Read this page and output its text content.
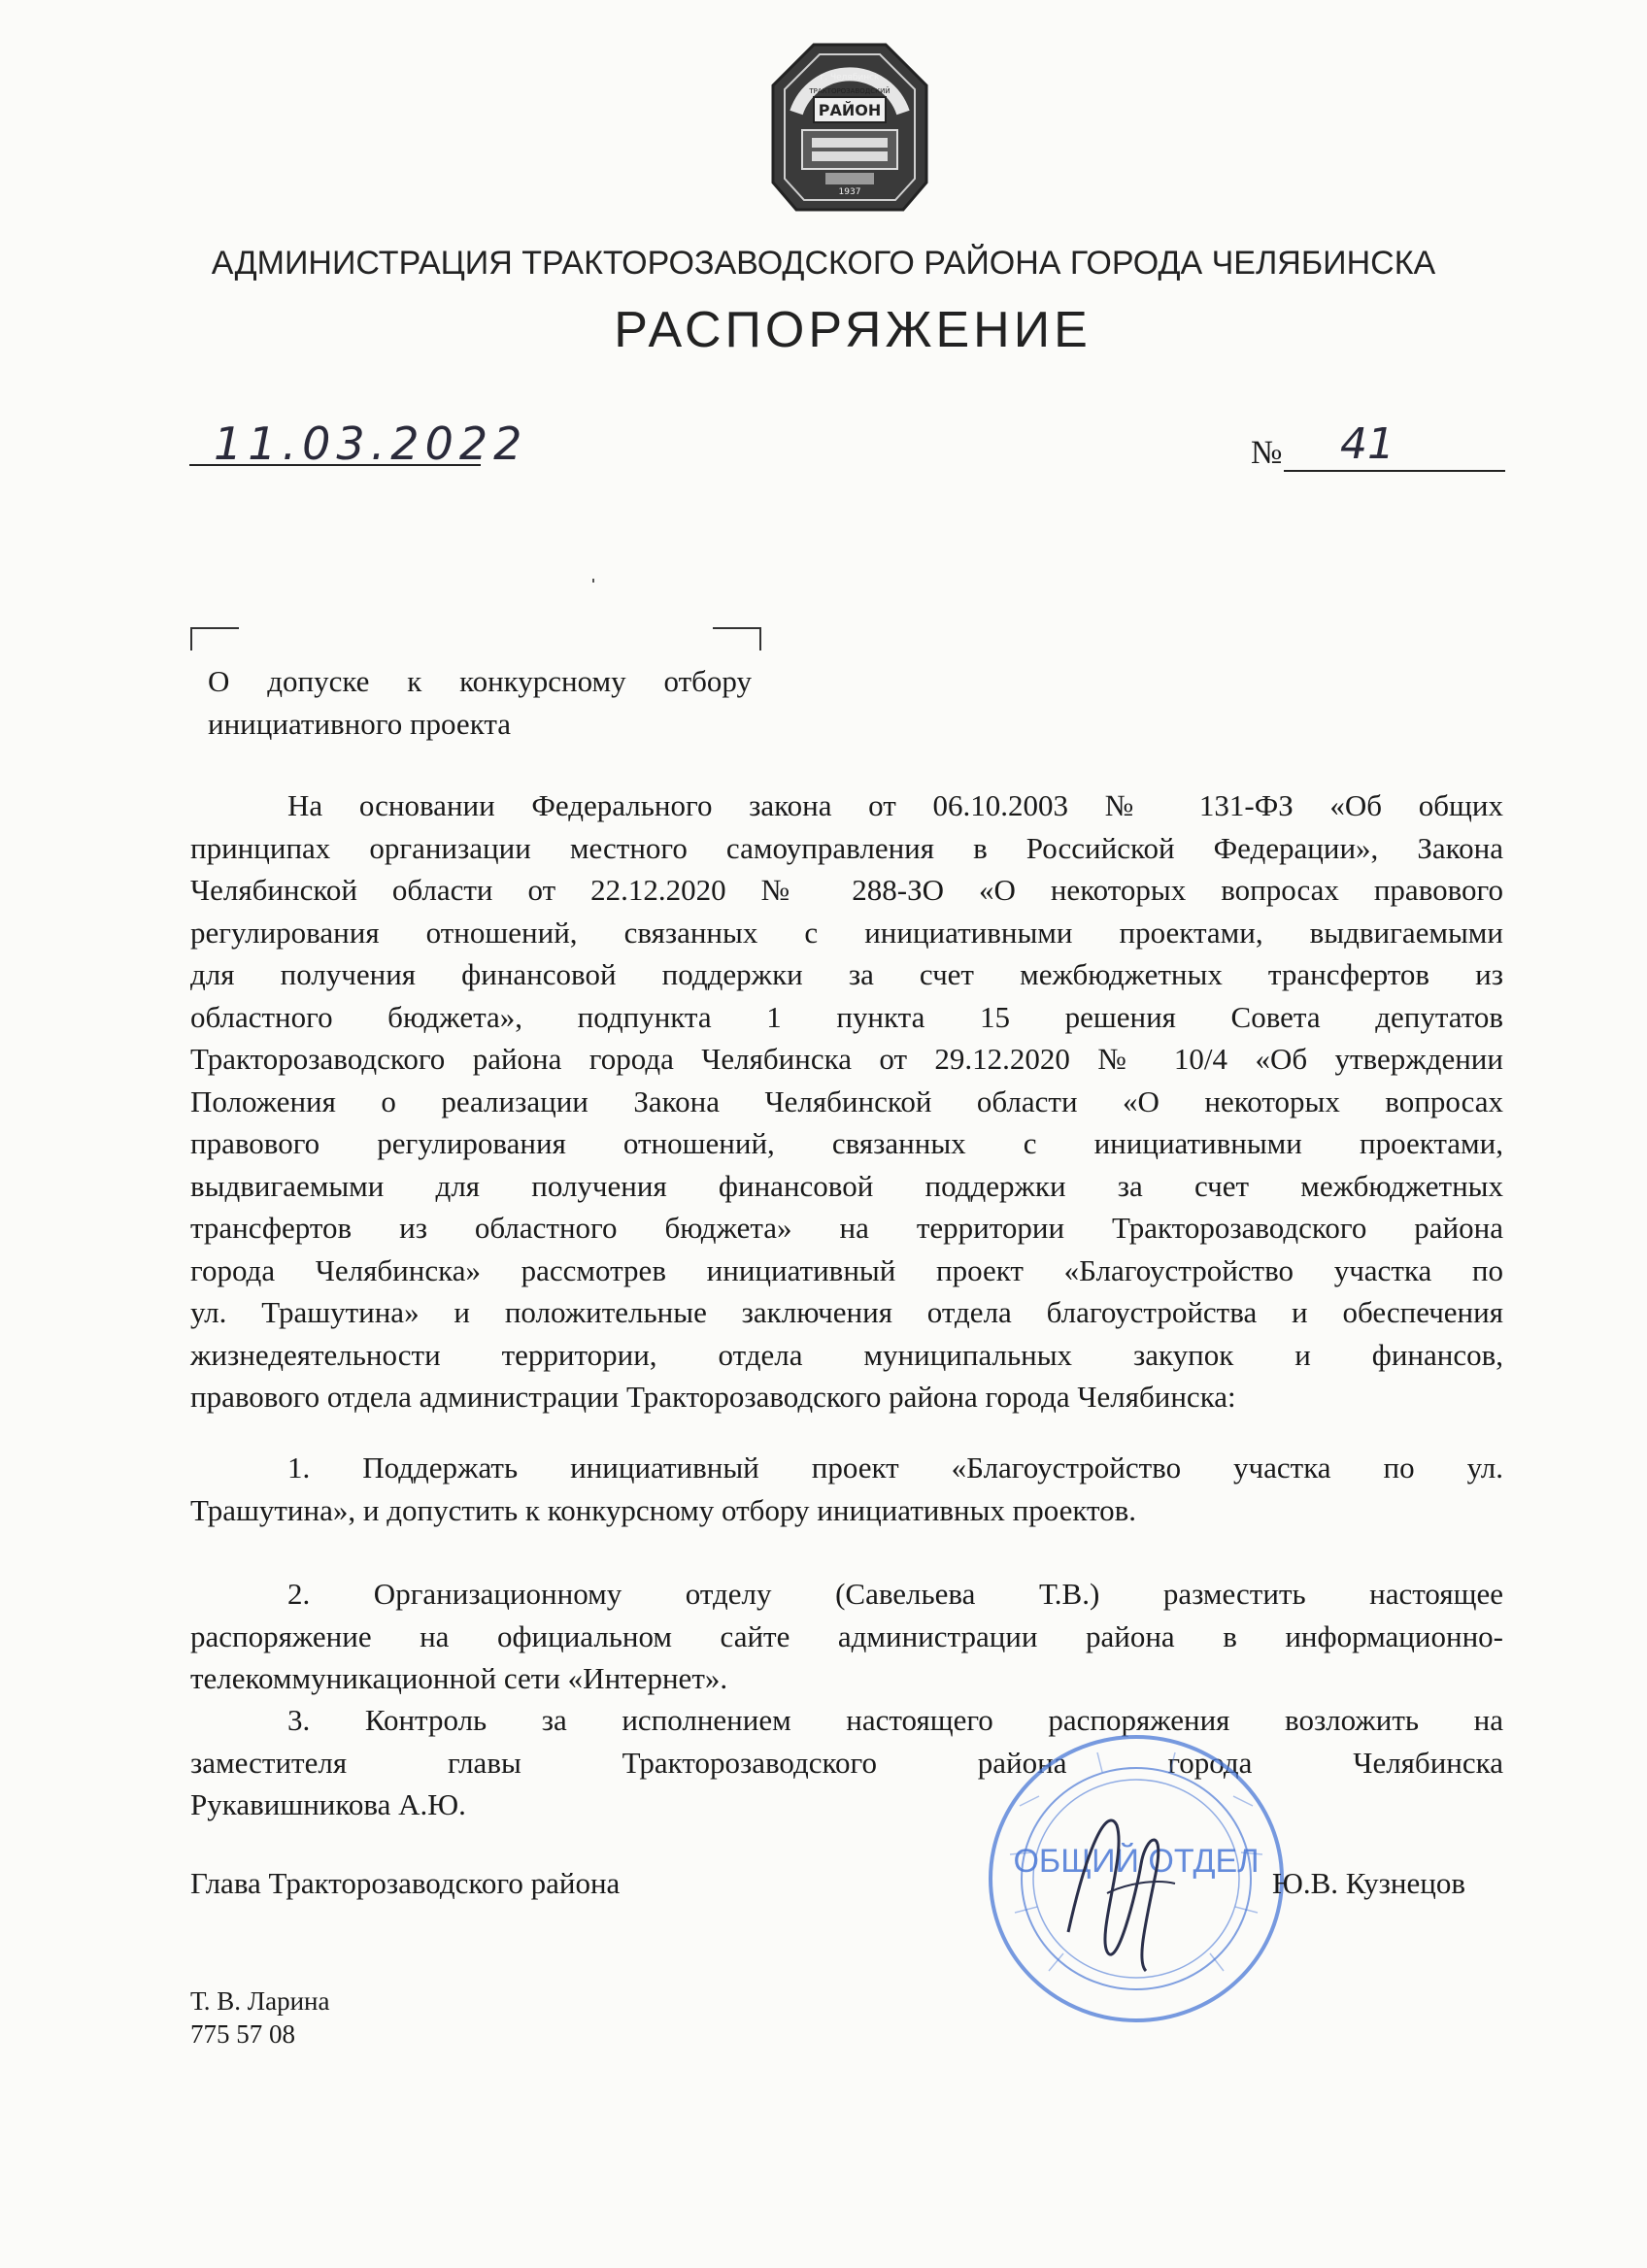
г. Челябинск
РАЙОН
ТРАКТОРОЗАВОДСКИЙ
1937
АДМИНИСТРАЦИЯ ТРАКТОРОЗАВОДСКОГО РАЙОНА ГОРОДА ЧЕЛЯБИНСКА
РАСПОРЯЖЕНИЕ
11.03.2022	№ 41
О допуске к конкурсному отбору
инициативного проекта
На основании Федерального закона от 06.10.2003 № 131-ФЗ «Об общих
принципах организации местного самоуправления в Российской Федерации», Закона
Челябинской области от 22.12.2020 № 288-ЗО «О некоторых вопросах правового
регулирования отношений, связанных с инициативными проектами, выдвигаемыми
для получения финансовой поддержки за счет межбюджетных трансфертов из
областного бюджета», подпункта 1 пункта 15 решения Совета депутатов
Тракторозаводского района города Челябинска от 29.12.2020 № 10/4 «Об утверждении
Положения о реализации Закона Челябинской области «О некоторых вопросах
правового регулирования отношений, связанных с инициативными проектами,
выдвигаемыми для получения финансовой поддержки за счет межбюджетных
трансфертов из областного бюджета» на территории Тракторозаводского района
города Челябинска» рассмотрев инициативный проект «Благоустройство участка по
ул. Трашутина» и положительные заключения отдела благоустройства и обеспечения
жизнедеятельности территории, отдела муниципальных закупок и финансов,
правового отдела администрации Тракторозаводского района города Челябинска:
1. Поддержать инициативный проект «Благоустройство участка по ул.
Трашутина», и допустить к конкурсному отбору инициативных проектов.
2. Организационному отделу (Савельева Т.В.) разместить настоящее
распоряжение на официальном сайте администрации района в информационно-
телекоммуникационной сети «Интернет».
3. Контроль за исполнением настоящего распоряжения возложить на
заместителя главы Тракторозаводского района города Челябинска
Рукавишникова А.Ю.
ОБЩИЙ ОТДЕЛ
Глава Тракторозаводского района	Ю.В. Кузнецов
Т. В. Ларина
775 57 08
